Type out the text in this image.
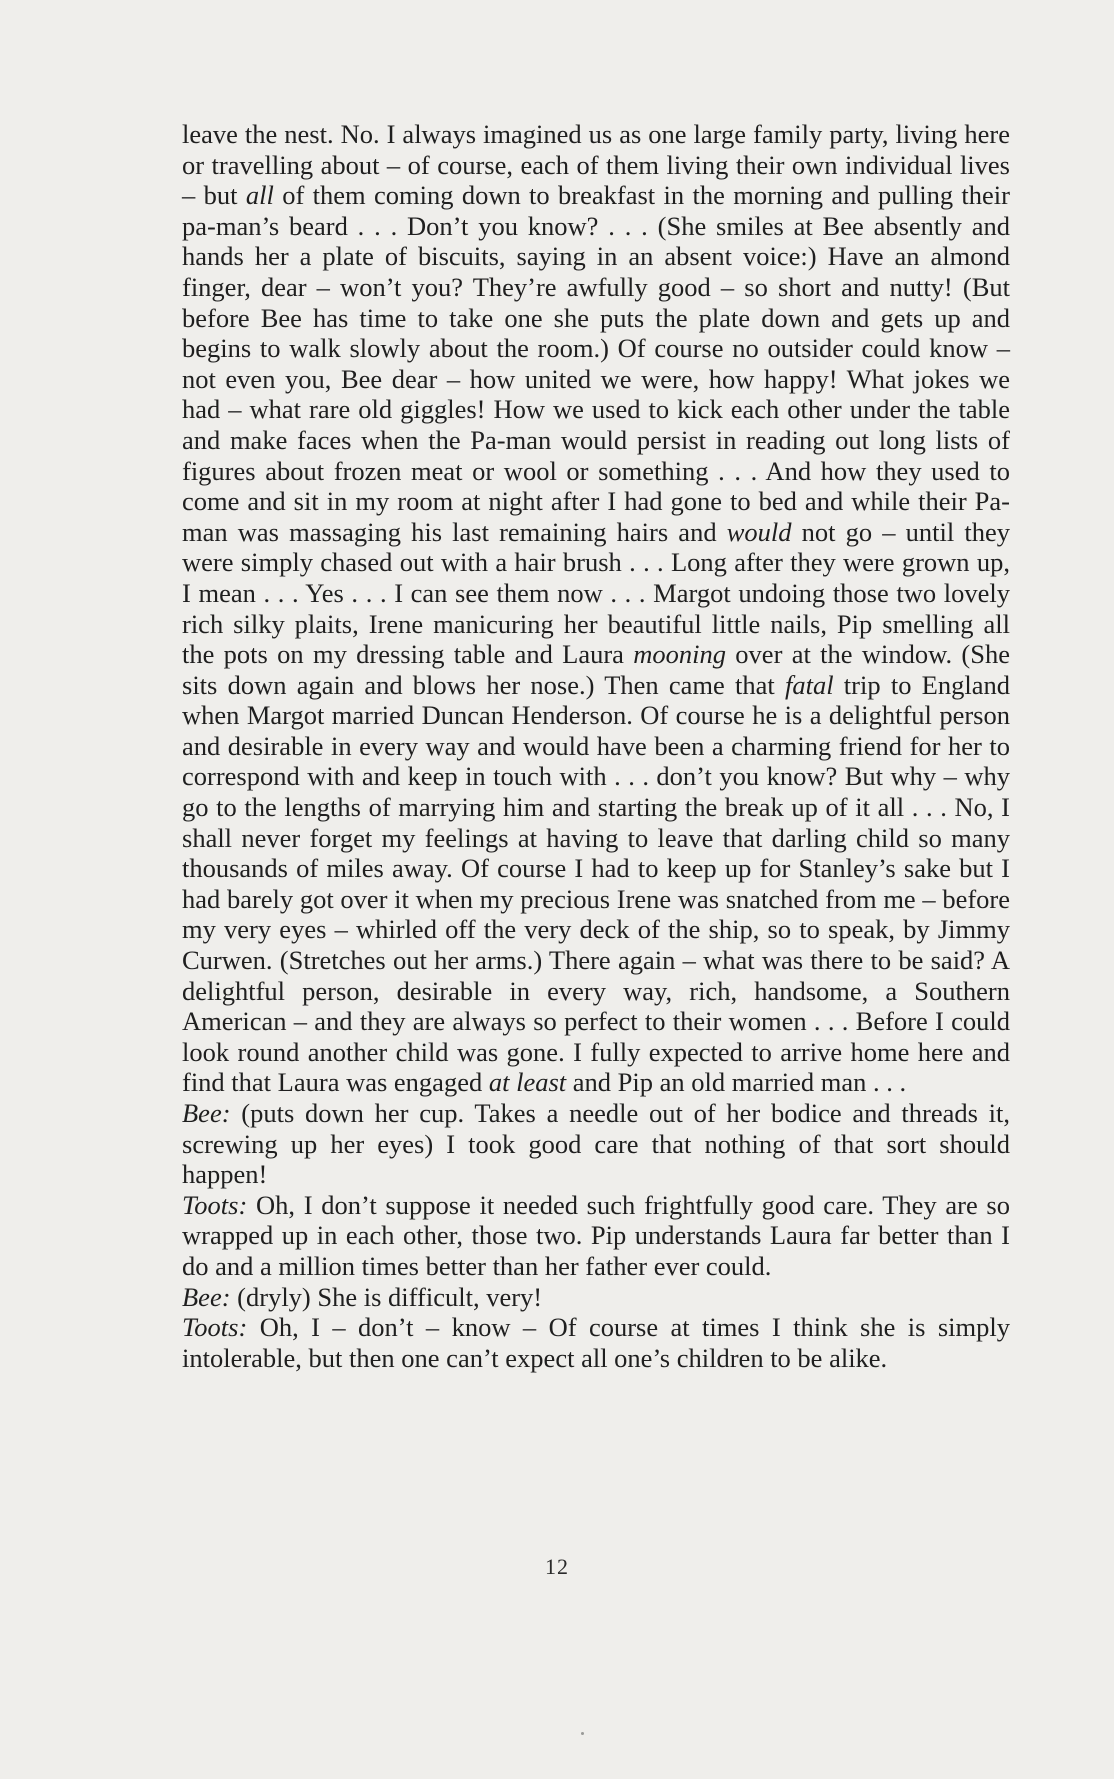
leave the nest. No. I always imagined us as one large family party, living here or travelling about – of course, each of them living their own individual lives – but all of them coming down to breakfast in the morning and pulling their pa-man’s beard . . . Don’t you know? . . . (She smiles at Bee absently and hands her a plate of biscuits, saying in an absent voice:) Have an almond finger, dear – won’t you? They’re awfully good – so short and nutty! (But before Bee has time to take one she puts the plate down and gets up and begins to walk slowly about the room.) Of course no outsider could know – not even you, Bee dear – how united we were, how happy! What jokes we had – what rare old giggles! How we used to kick each other under the table and make faces when the Pa-man would persist in reading out long lists of figures about frozen meat or wool or something . . . And how they used to come and sit in my room at night after I had gone to bed and while their Pa-man was massaging his last remaining hairs and would not go – until they were simply chased out with a hair brush . . . Long after they were grown up, I mean . . . Yes . . . I can see them now . . . Margot undoing those two lovely rich silky plaits, Irene manicuring her beautiful little nails, Pip smelling all the pots on my dressing table and Laura mooning over at the window. (She sits down again and blows her nose.) Then came that fatal trip to England when Margot married Duncan Henderson. Of course he is a delightful person and desirable in every way and would have been a charming friend for her to correspond with and keep in touch with . . . don’t you know? But why – why go to the lengths of marrying him and starting the break up of it all . . . No, I shall never forget my feelings at having to leave that darling child so many thousands of miles away. Of course I had to keep up for Stanley’s sake but I had barely got over it when my precious Irene was snatched from me – before my very eyes – whirled off the very deck of the ship, so to speak, by Jimmy Curwen. (Stretches out her arms.) There again – what was there to be said? A delightful person, desirable in every way, rich, handsome, a Southern American – and they are always so perfect to their women . . . Before I could look round another child was gone. I fully expected to arrive home here and find that Laura was engaged at least and Pip an old married man . . .

Bee: (puts down her cup. Takes a needle out of her bodice and threads it, screwing up her eyes) I took good care that nothing of that sort should happen!

Toots: Oh, I don’t suppose it needed such frightfully good care. They are so wrapped up in each other, those two. Pip understands Laura far better than I do and a million times better than her father ever could.

Bee: (dryly) She is difficult, very!

Toots: Oh, I – don’t – know – Of course at times I think she is simply intolerable, but then one can’t expect all one’s children to be alike.

12
